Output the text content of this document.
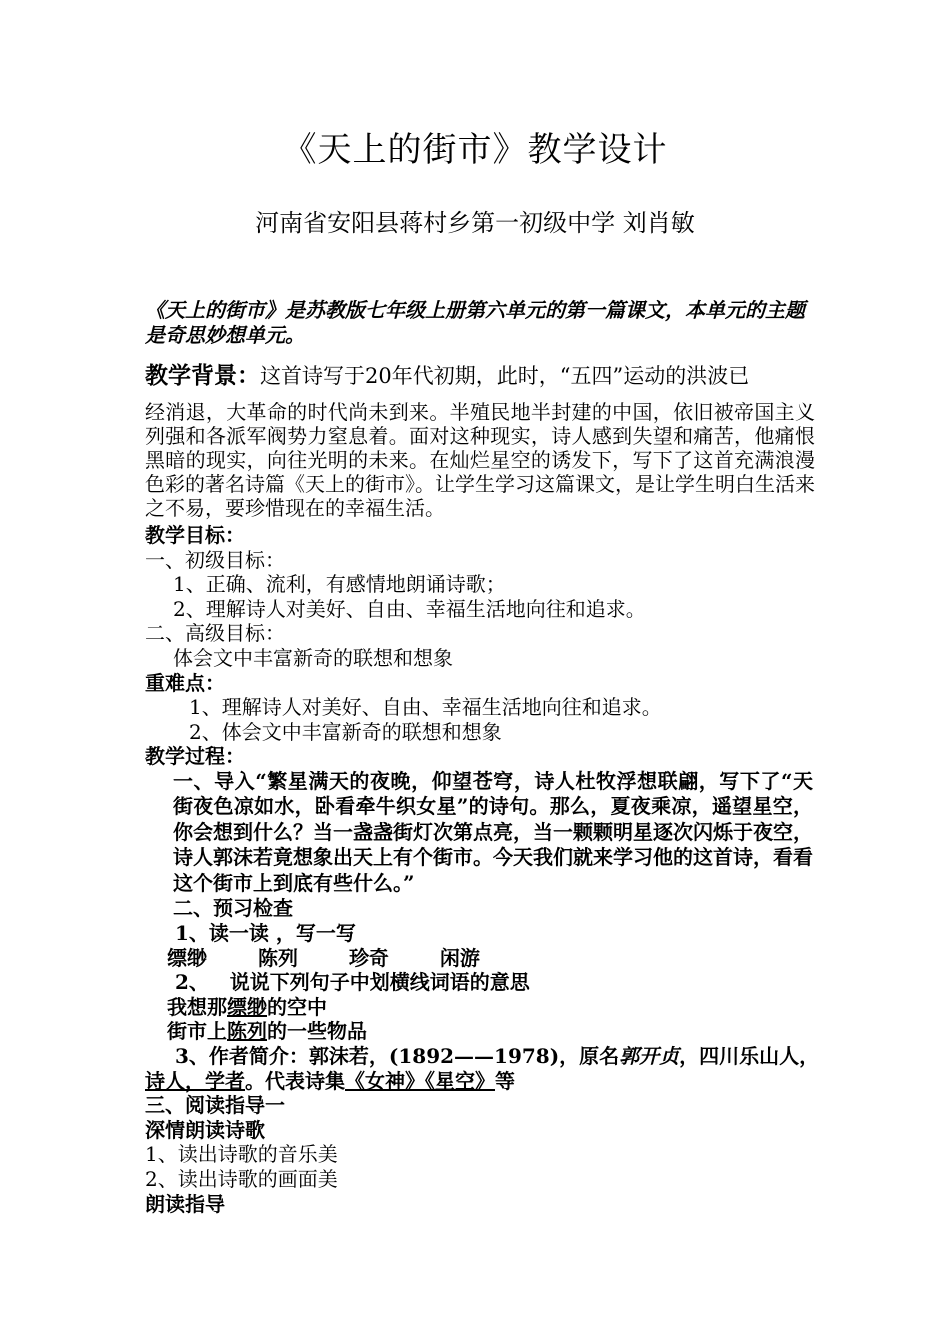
《天上的街市》教学设计
河南省安阳县蒋村乡第一初级中学 刘肖敏
《天上的街市》是苏教版七年级上册第六单元的第一篇课文，本单元的主题是奇思妙想单元。
教学背景：这首诗写于20年代初期，此时，“五四”运动的洪波已
经消退，大革命的时代尚未到来。半殖民地半封建的中国，依旧被帝国主义列强和各派军阀势力窒息着。面对这种现实，诗人感到失望和痛苦，他痛恨黑暗的现实，向往光明的未来。在灿烂星空的诱发下，写下了这首充满浪漫色彩的著名诗篇《天上的街市》。让学生学习这篇课文，是让学生明白生活来之不易，要珍惜现在的幸福生活。
教学目标：
一、初级目标：
1、正确、流利，有感情地朗诵诗歌；
2、理解诗人对美好、自由、幸福生活地向往和追求。
二、高级目标：
体会文中丰富新奇的联想和想象
重难点：
1、理解诗人对美好、自由、幸福生活地向往和追求。
2、体会文中丰富新奇的联想和想象
教学过程：
一、导入“繁星满天的夜晚，仰望苍穹，诗人杜牧浮想联翩，写下了“天街夜色凉如水，卧看牵牛织女星”的诗句。那么，夏夜乘凉，遥望星空，你会想到什么？当一盏盏街灯次第点亮，当一颗颗明星逐次闪烁于夜空，诗人郭沫若竟想象出天上有个街市。今天我们就来学习他的这首诗，看看这个街市上到底有些什么。”
二、预习检查
1、读一读 ，写一写
缥缈	陈列	珍奇	闲游
2、   说说下列句子中划横线词语的意思
我想那缥缈的空中
街市上陈列的一些物品
3、作者简介：郭沫若，(1892——1978)，原名郭开贞，四川乐山人，
诗人，学者。代表诗集《女神》《星空》等
三、阅读指导一
深情朗读诗歌
1、读出诗歌的音乐美
2、读出诗歌的画面美
朗读指导
